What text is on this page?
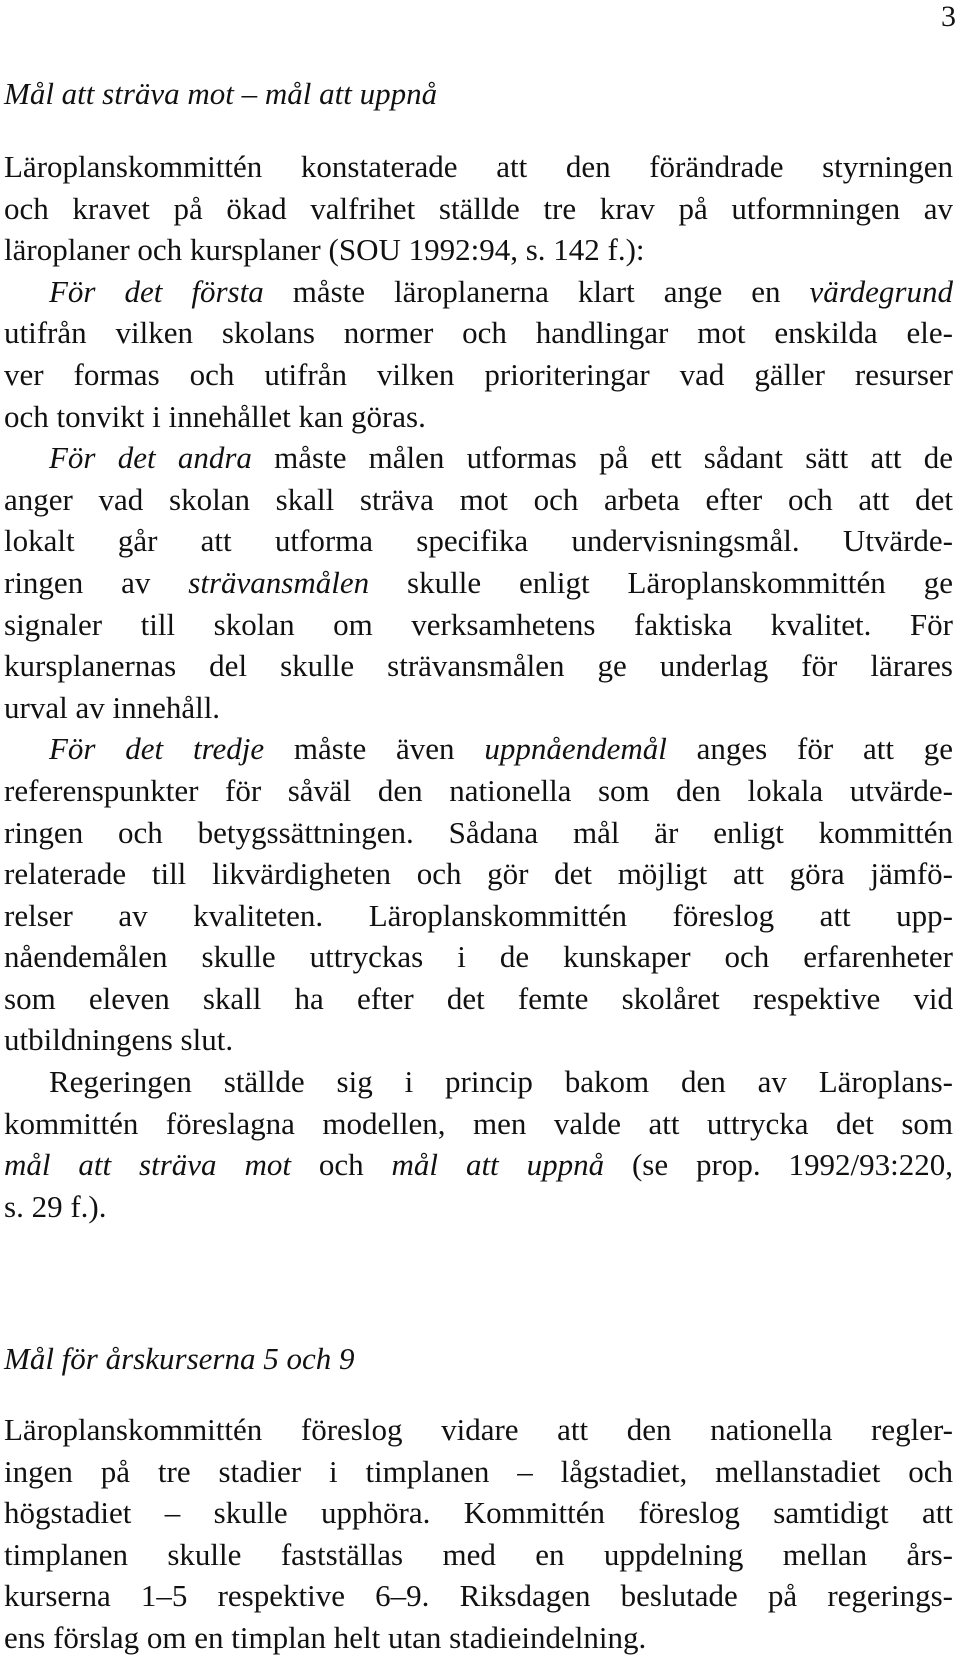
3
Mål att sträva mot – mål att uppnå
Läroplanskommittén konstaterade att den förändrade styrningen
och kravet på ökad valfrihet ställde tre krav på utformningen av
läroplaner och kursplaner (SOU 1992:94, s. 142 f.):
För det första måste läroplanerna klart ange en värdegrund
utifrån vilken skolans normer och handlingar mot enskilda ele-
ver formas och utifrån vilken prioriteringar vad gäller resurser
och tonvikt i innehållet kan göras.
För det andra måste målen utformas på ett sådant sätt att de
anger vad skolan skall sträva mot och arbeta efter och att det
lokalt går att utforma specifika undervisningsmål. Utvärde-
ringen av strävansmålen skulle enligt Läroplanskommittén ge
signaler till skolan om verksamhetens faktiska kvalitet. För
kursplanernas del skulle strävansmålen ge underlag för lärares
urval av innehåll.
För det tredje måste även uppnåendemål anges för att ge
referenspunkter för såväl den nationella som den lokala utvärde-
ringen och betygssättningen. Sådana mål är enligt kommittén
relaterade till likvärdigheten och gör det möjligt att göra jämfö-
relser av kvaliteten. Läroplanskommittén föreslog att upp-
nåendemålen skulle uttryckas i de kunskaper och erfarenheter
som eleven skall ha efter det femte skolåret respektive vid
utbildningens slut.
Regeringen ställde sig i princip bakom den av Läroplans-
kommittén föreslagna modellen, men valde att uttrycka det som
mål att sträva mot och mål att uppnå (se prop. 1992/93:220,
s. 29 f.).
Mål för årskurserna 5 och 9
Läroplanskommittén föreslog vidare att den nationella regler-
ingen på tre stadier i timplanen – lågstadiet, mellanstadiet och
högstadiet – skulle upphöra. Kommittén föreslog samtidigt att
timplanen skulle fastställas med en uppdelning mellan års-
kurserna 1–5 respektive 6–9. Riksdagen beslutade på regerings-
ens förslag om en timplan helt utan stadieindelning.
